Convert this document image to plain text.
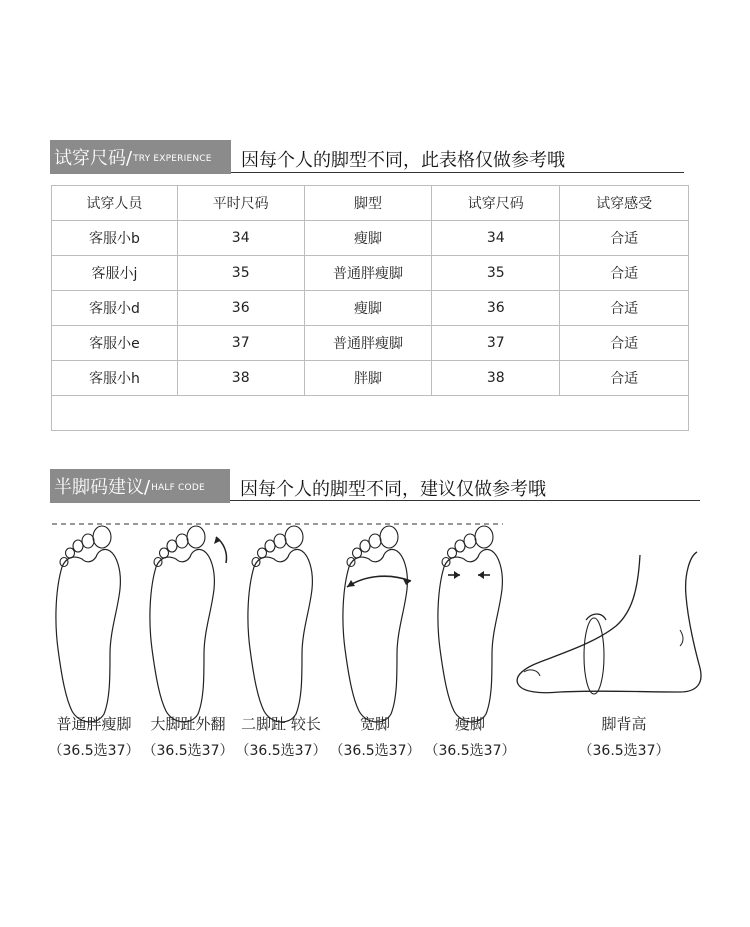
试穿尺码/ TRY EXPERIENCE 因每个人的脚型不同，此表格仅做参考哦
试穿人员	平时尺码	脚型	试穿尺码	试穿感受
客服小b	34	瘦脚	34	合适
客服小j	35	普通胖瘦脚	35	合适
客服小d	36	瘦脚	36	合适
客服小e	37	普通胖瘦脚	37	合适
客服小h	38	胖脚	38	合适

半脚码建议/ HALF CODE 因每个人的脚型不同，建议仅做参考哦
普通胖瘦脚
（36.5选37）
大脚趾外翻
（36.5选37）
二脚趾 较长
（36.5选37）
宽脚
（36.5选37）
瘦脚
（36.5选37）
脚背高
（36.5选37）
